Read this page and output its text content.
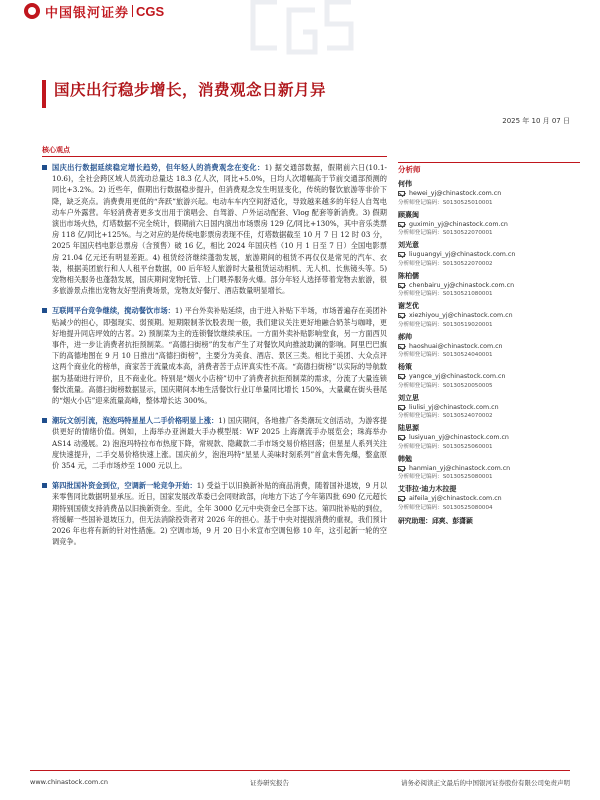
中国银河证券 CGS
国庆出行稳步增长，消费观念日新月异
2025 年 10 月 07 日
核心观点

国庆出行数据延续稳定增长趋势，但年轻人的消费观念在变化：1) 据交通部数据，假期前六日(10.1- 10.6)，全社会跨区域人员流动总量达 18.3 亿人次，同比+5.0%，日均人次增幅高于节前交通部预测的同比+3.2%。2) 近些年，假期出行数据稳步提升，但消费观念发生明显变化，传统的餐饮旅游等非价下降，缺乏亮点。消费费用更低的“奔跃”旅游兴起。电动车车内空间舒适化，导致越来越多的年轻人自驾电动车户外露营。年轻消费者更多支出用于演唱会、自驾游、户外运动配套、Vlog 配套等新消费。3) 假期演出市场火热，灯塔数据不完全统计，假期前六日国内演出市场票房 129 亿/同比+130%，其中音乐类票房 118 亿/同比+125%。与之对应的是传统电影票房表现不佳，灯塔数据截至 10 月 7 日 12 时 03 分，2025 年国庆档电影总票房（含预售）破 16 亿，相比 2024 年国庆档（10 月 1 日至 7 日）全国电影票房 21.04 亿元还有明显差距。4) 租赁经济继续蓬勃发展，旅游期间的租赁不再仅仅是常见的汽车、衣装，根据美团旅行和人人租平台数据，00 后年轻人旅游时大量租赁运动相机、无人机、长焦镜头等。5) 宠物相关服务也蓬勃发展，国庆期间宠物托管、上门喂养服务火爆。部分年轻人选择带着宠物去旅游，很多旅游景点推出宠物友好型消费场景，宠物友好餐厅、酒店数量明显增长。

互联网平台竞争继续，搅动餐饮市场：1) 平台外卖补贴延续，由于进入补贴下半场，市场普遍存在美团补贴减少的担心，即强现实、弱预期。短期限制茶饮股表现一般，我们建议关注更好地融合奶茶与咖啡，更好地提升同店坪效的古茗。2) 预制菜为主的连锁餐饮继续承压。一方面外卖补贴影响堂食，另一方面西贝事件，进一步让消费者抗拒预制菜。“高德扫街榜”的发布产生了对餐饮风向推波助澜的影响。阿里巴巴旗下的高德地图在 9 月 10 日推出“高德扫街榜”，主要分为美食、酒店、景区三类。相比于美团、大众点评这两个商业化的榜单，商家苦于流量成本高，消费者苦于点评真实性不高。“高德扫街榜”以实际的导航数据为基础进行评价，且不商业化。特别是“烟火小店榜”切中了消费者抗拒预制菜的需求，分流了大量连锁餐饮流量。高德扫街榜数据显示，国庆期间本地生活餐饮行业订单量同比增长 150%，大量藏在街头巷尾的“烟火小店”迎来流量高峰，整体增长达 300%。

潮玩文创引流，泡泡玛特星星人二手价格明显上涨：1) 国庆期间，各地推广各类潮玩文创活动，为游客提供更好的情绪价值。例如，上海举办亚洲最大手办模型展：WF 2025 上海潮流手办展览会；珠海举办 AS14 动漫展。2) 泡泡玛特拉布布热度下降，常规款、隐藏款二手市场交易价格回落；但星星人系列关注度快速提升，二手交易价格快速上涨。国庆前夕，泡泡玛特“星星人美味时刻系列”首盒未售先爆，整盒原价 354 元，二手市场炒至 1000 元以上。

第四批国补资金到位，空调新一轮竞争开始：1) 受益于以旧换新补贴的商品消费，随着国补退坡，9 月以来零售同比数据明显承压。近日，国家发展改革委已会同财政部，向地方下达了今年第四批 690 亿元超长期特别国债支持消费品以旧换新资金。至此，全年 3000 亿元中央资金已全部下达。第四批补贴的到位，将缓解一些国补退坡压力，但无法消除投资者对 2026 年的担心。基于中央对提振消费的重视，我们预计 2026 年也将有新的针对性措施。2) 空调市场，9 月 20 日小米宣布空调包修 10 年，这引起新一轮的空调竞争。

分析师
何伟
hewei_yj@chinastock.com.cn
分析师登记编码：S0130525010001
顾熹闽
guximin_yj@chinastock.com.cn
分析师登记编码：S0130522070001
刘光意
liuguangyi_yj@chinastock.com.cn
分析师登记编码：S0130522070002
陈柏儒
chenbairu_yj@chinastock.com.cn
分析师登记编码：S0130521080001
谢芝优
xiezhiyou_yj@chinastock.com.cn
分析师登记编码：S0130519020001
郝帅
haoshuai@chinastock.com.cn
分析师登记编码：S0130524040001
杨策
yangce_yj@chinastock.com.cn
分析师登记编码：S0130520050005
刘立思
liulisi_yj@chinastock.com.cn
分析师登记编码：S0130524070002
陆思源
lusiyuan_yj@chinastock.com.cn
分析师登记编码：S0130525060001
韩勉
hanmian_yj@chinastock.com.cn
分析师登记编码：S0130525080001
艾菲拉·迪力木拉提
aifeila_yj@chinastock.com.cn
分析师登记编码：S0130525080004
研究助理：邱爽、彭潇颖
www.chinastock.com.cn	证券研究报告	请务必阅读正文最后的中国银河证券股份有限公司免责声明
